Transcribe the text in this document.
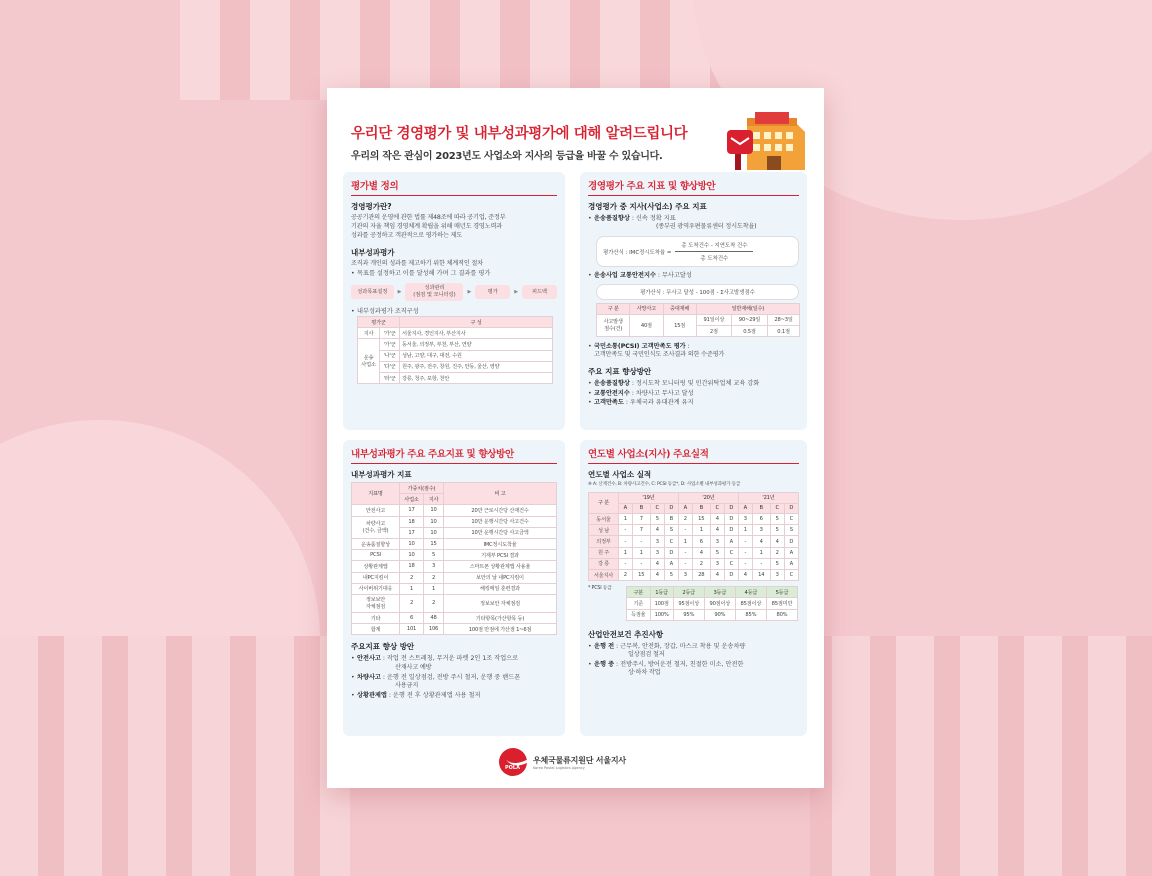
우리단 경영평가 및 내부성과평가에 대해 알려드립니다
우리의 작은 관심이 2023년도 사업소와 지사의 등급을 바꿀 수 있습니다.
평가별 정의
경영평가란?
공공기관의 운영에 관한 법률 제48조에 따라 공기업, 준정부
기관의 자율 책임 경영체계 확립을 위해 매년도 경영노력과
성과를 공정하고 객관적으로 평가하는 제도
내부성과평가
조직과 개인의 성과를 제고하기 위한 체계적인 절차
• 목표를 설정하고 이를 달성해 가며 그 결과를 평가
성과목표설정	▶
성과관리
(점검 및 모니터링)	▶	평가	▶	피드백
• 내부성과평가 조직구성
평가군		구 성
지사	'가'군	서울지사, 경인지사, 부산지사
운송
사업소	'가'군	동서울, 의정부, 부천, 부산, 연양
	'나'군	성남, 고양, 대구, 대전, 수원
	'다'군	원주, 광주, 전주, 창원, 진주, 안동, 울산, 영양
	'라'군	강릉, 청주, 포항, 천안
경영평가 주요 지표 및 향상방안
경영평가 중 지사(사업소) 주요 지표
• 운송품질향상 : 신속 정확 지표
(종부권 광역우편물류센터 정시도착율)
평가산식 : IMC정시도착율 = $\frac{\text{총 도착건수 - 지연도착 건수}}{\text{총 도착건수}}$
• 운송사업 교통안전지수 : 무사고달성
평가산식 : 무사고 달성 - 100점 - Σ사고발생점수
구 분	사망사고	중대재해	일반재해(일수)		
사고발생
점수(건)	40점	15점	91일이상	90~29일	28~3일
			2점	0.5점	0.1점
• 국민소통(PCSI) 고객만족도 평가 :
고객만족도 및 국민인식도 조사결과 의한 수준평가
주요 지표 향상방안
• 운송품질향상 : 정시도착 모니터링 및 민간위탁업체 교육 강화
• 교통안전지수 : 차량사고 무사고 달성
• 고객만족도 : 우체국과 유대관계 유지
내부성과평가 주요 주요지표 및 향상방안
내부성과평가 지표
지표명	가중치(점수)		비 고
	사업소	지사	
안전사고	17	10	20만 근로시간당 산재건수
차량사고
(건수, 금액)	18	10	10만 운행시간당 사고건수
	17	10	10만 운행시간당 사고금액
운송품질향상	10	15	IMC정시도착율
PCSI	10	5	기재부 PCSI 결과
상황관제앱	18	3	스마트폰 상황관제앱 사용율
내PC지킴이	2	2	보안의 날 내PC지킴이
사이버위기대응	1	1	해킹메일 훈련결과
정보보안
자체점검	2	2	정보보안 자체점검
기타	6	48	기타항목(가산항목 등)
합계	101	106	100점 만점에 가산점 1~6점
주요지표 향상 방안
• 안전사고 : 작업 전 스트레칭, 무거운 파렛 2인 1조 작업으로
산재사고 예방
• 차량사고 : 운행 전 일상점검, 전방 주시 철저, 운행 중 핸드폰
사용금지
• 상황관제앱 : 운행 전 후 상황관제앱 사용 철저
연도별 사업소(지사) 주요실적
연도별 사업소 실적
※ A: 산재건수, B: 차량사고건수, C: PCSI 등급*, D: 사업소별 내부성과평가 등급
구 분	'19년				'20년				'21년			
	A	B	C	D	A	B	C	D	A	B	C	D
동서울	1	7	5	B	2	15	4	D	3	6	5	C
성 남	-	7	4	S	-	1	4	D	1	3	5	S
의정부	-	-	3	C	1	6	3	A	-	4	4	D
원 주	1	1	3	D	-	4	5	C	-	1	2	A
강 릉	-	-	4	A	-	2	3	C	-	-	5	A
서울지사	2	15	4	5	3	28	4	D	4	14	3	C
* PCSI 등급
구분	1등급	2등급	3등급	4등급	5등급
기준	100점	95점이상	90점이상	85점이상	85점미만
득점율	100%	95%	90%	85%	80%
산업안전보건 추진사항
• 운행 전 : 근무복, 안전화, 장갑, 마스크 착용 및 운송차량
일상점검 철저
• 운행 중 : 전방주시, 방어운전 철저, 친절한 미소, 안전한
상·하차 작업
POLA
우체국물류지원단 서울지사
Korea Postal Logistics Agency
